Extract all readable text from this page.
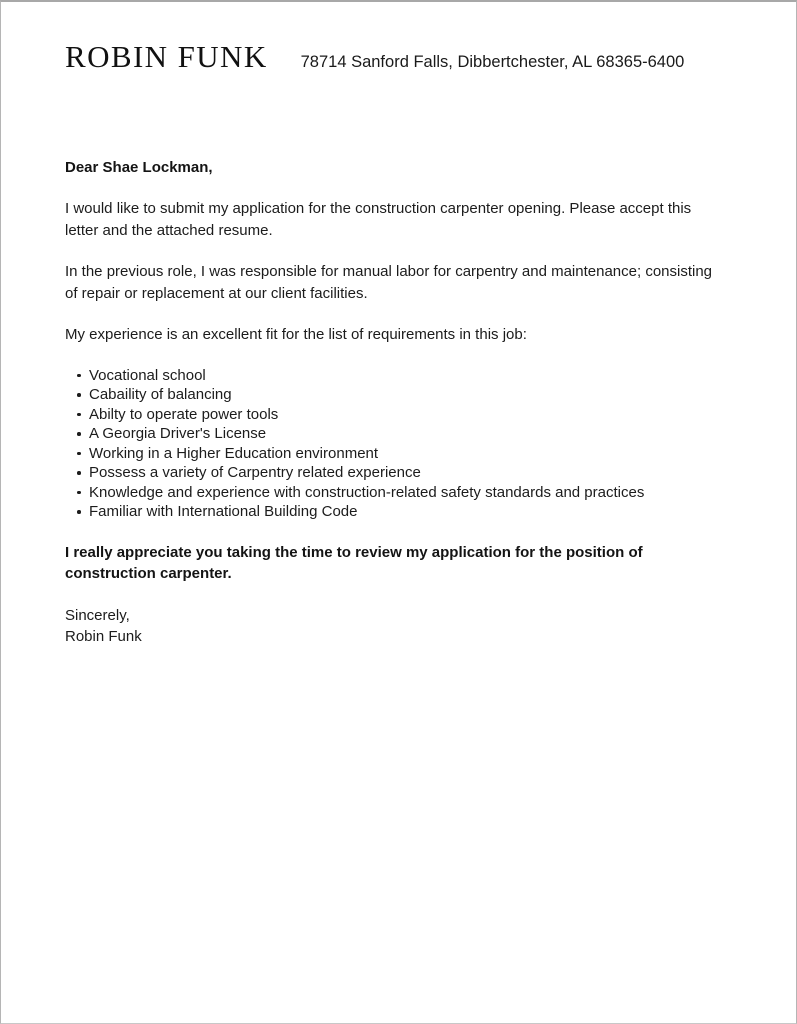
ROBIN FUNK 78714 Sanford Falls, Dibbertchester, AL 68365-6400
Dear Shae Lockman,

I would like to submit my application for the construction carpenter opening. Please accept this letter and the attached resume.

In the previous role, I was responsible for manual labor for carpentry and maintenance; consisting of repair or replacement at our client facilities.

My experience is an excellent fit for the list of requirements in this job:

Vocational school
Cabaility of balancing
Abilty to operate power tools
A Georgia Driver's License
Working in a Higher Education environment
Possess a variety of Carpentry related experience
Knowledge and experience with construction-related safety standards and practices
Familiar with International Building Code

I really appreciate you taking the time to review my application for the position of construction carpenter.

Sincerely,
Robin Funk
